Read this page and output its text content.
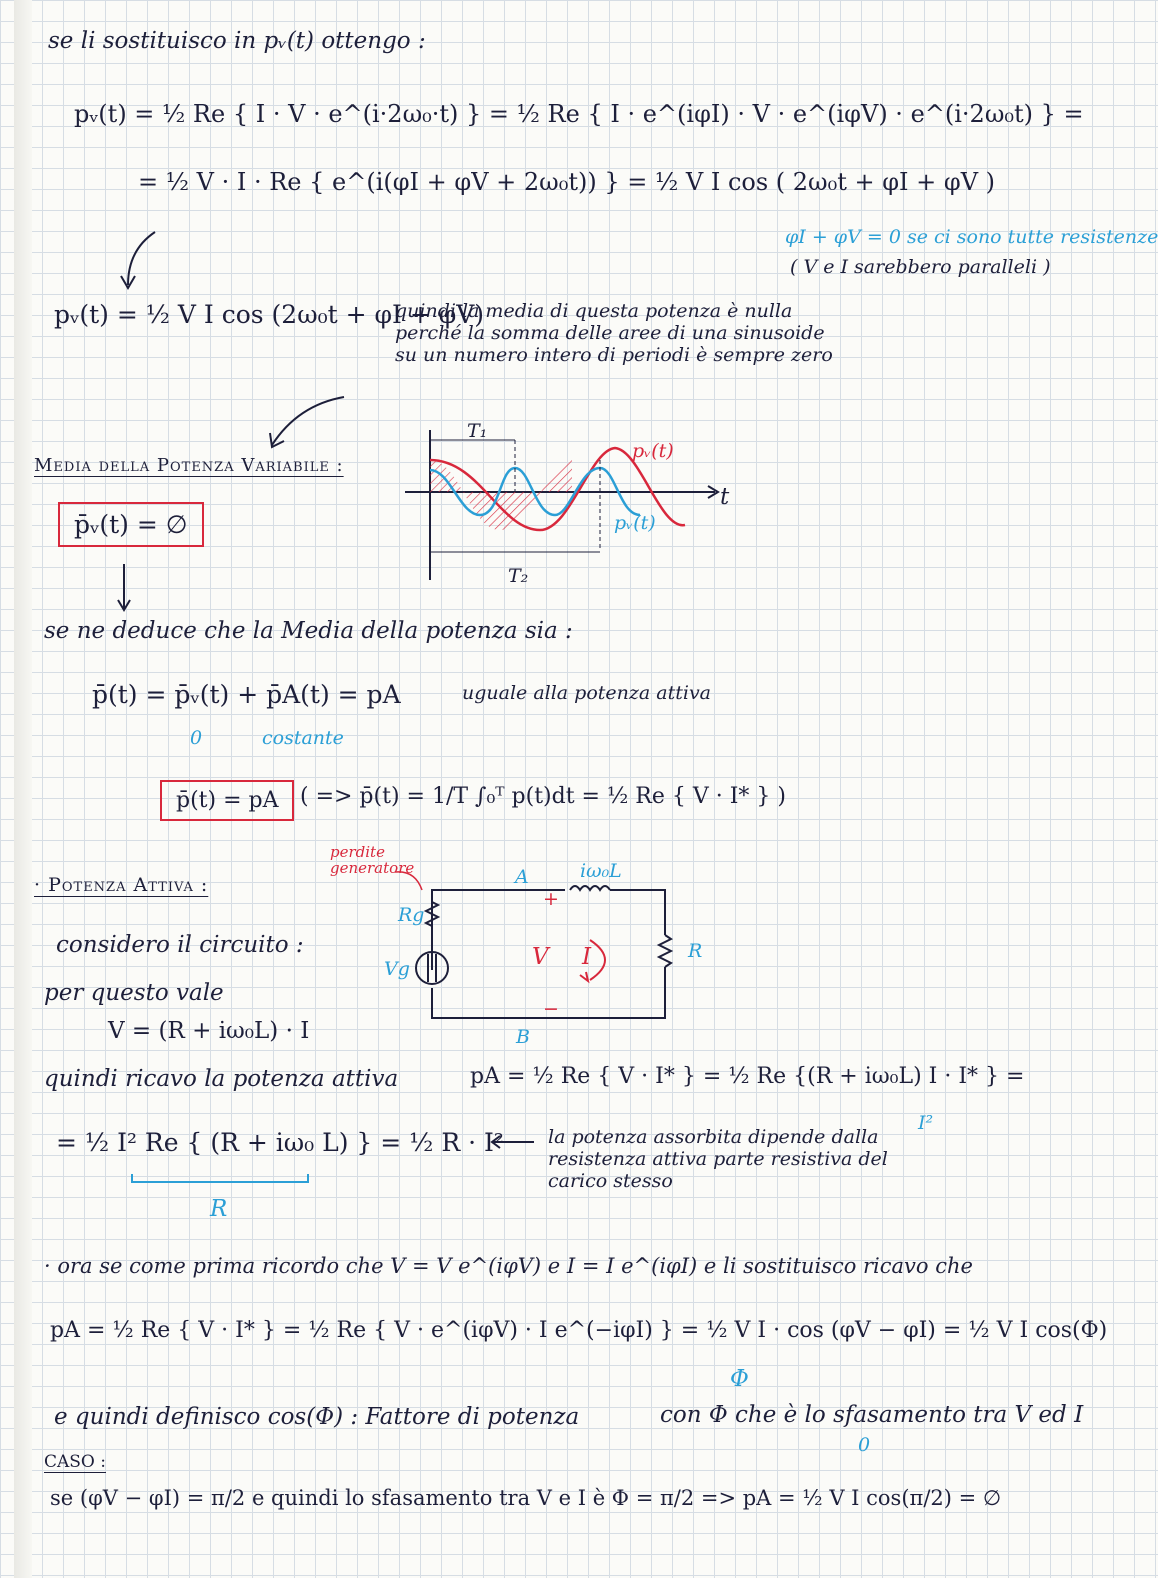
se li sostituisco in pᵥ(t) ottengo :
pᵥ(t) = ½ Re { I · V · e^(i·2ω₀·t) } = ½ Re { I · e^(iφI) · V · e^(iφV) · e^(i·2ω₀t) } =
= ½ V · I · Re { e^(i(φI + φV + 2ω₀t)) } = ½ V I cos ( 2ω₀t + φI + φV )
φI + φV = 0 se ci sono tutte resistenze
( V e I sarebbero paralleli )
pᵥ(t) = ½ V I cos (2ω₀t + φI + φV)
quindi la media di questa potenza è nulla perché la somma delle aree di una sinusoide su un numero intero di periodi è sempre zero
Media della Potenza Variabile :
p̄ᵥ(t) = ∅
T₁
T₂
t
pᵥ(t)
pᵥ(t)
se ne deduce che la Media della potenza sia :
p̄(t) = p̄ᵥ(t) + p̄A(t) = pA	uguale alla potenza attiva
0	costante
p̄(t) = pA ( => p̄(t) = 1/T ∫₀ᵀ p(t)dt = ½ Re { V · I* } )
· Potenza Attiva :
considero il circuito :
per questo vale
V = (R + iω₀L) · I
perdite generatore
Rg
Vg
A
B
iω₀L
R
V I
+
−
quindi ricavo la potenza attiva	pA = ½ Re { V · I* } = ½ Re {(R + iω₀L) I · I* } =
I²
= ½ I² Re { (R + iω₀ L) } = ½ R · I²
R
la potenza assorbita dipende dalla resistenza attiva parte resistiva del carico stesso
· ora se come prima ricordo che V = V e^(iφV) e I = I e^(iφI) e li sostituisco ricavo che
pA = ½ Re { V · I* } = ½ Re { V · e^(iφV) · I e^(−iφI) } = ½ V I · cos (φV − φI) = ½ V I cos(Φ)
Φ
e quindi definisco cos(Φ) : Fattore di potenza	con Φ che è lo sfasamento tra V ed I
CASO :
0
se (φV − φI) = π/2 e quindi lo sfasamento tra V e I è Φ = π/2 => pA = ½ V I cos(π/2) = ∅
